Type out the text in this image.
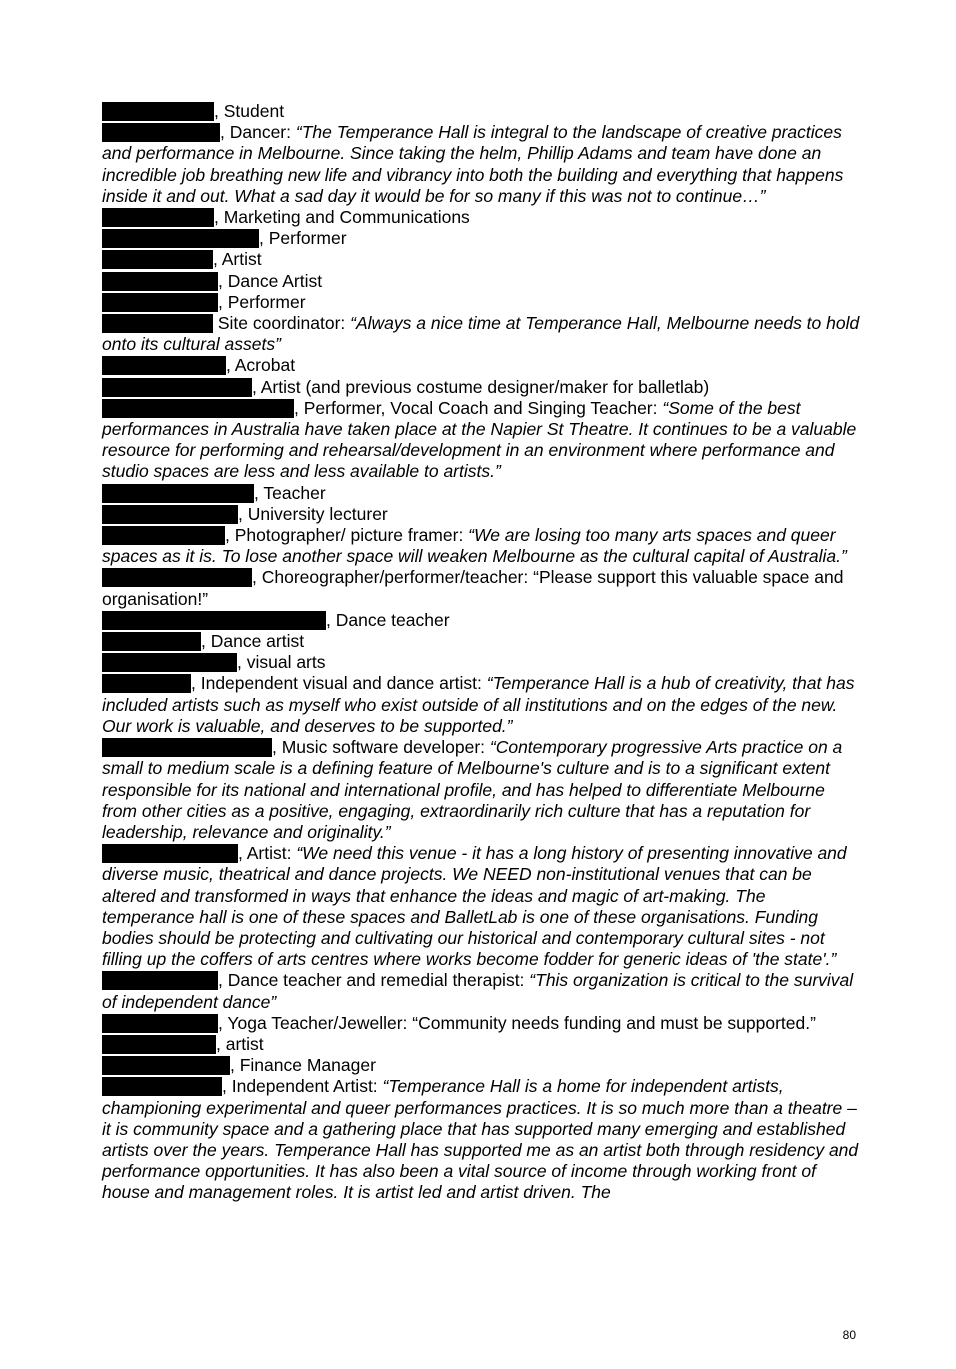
, Student

, Dancer: “The Temperance Hall is integral to the landscape of creative practices and performance in Melbourne. Since taking the helm, Phillip Adams and team have done an incredible job breathing new life and vibrancy into both the building and everything that happens inside it and out. What a sad day it would be for so many if this was not to continue…”

, Marketing and Communications

, Performer

, Artist

, Dance Artist

, Performer

Site coordinator: “Always a nice time at Temperance Hall, Melbourne needs to hold onto its cultural assets”

, Acrobat

, Artist (and previous costume designer/maker for balletlab)

, Performer, Vocal Coach and Singing Teacher: “Some of the best performances in Australia have taken place at the Napier St Theatre. It continues to be a valuable resource for performing and rehearsal/development in an environment where performance and studio spaces are less and less available to artists.”

, Teacher

, University lecturer

, Photographer/ picture framer: “We are losing too many arts spaces and queer spaces as it is. To lose another space will weaken Melbourne as the cultural capital of Australia.”

, Choreographer/performer/teacher: “Please support this valuable space and organisation!”

, Dance teacher

, Dance artist

, visual arts

, Independent visual and dance artist: “Temperance Hall is a hub of creativity, that has included artists such as myself who exist outside of all institutions and on the edges of the new. Our work is valuable, and deserves to be supported.”

, Music software developer: “Contemporary progressive Arts practice on a small to medium scale is a defining feature of Melbourne's culture and is to a significant extent responsible for its national and international profile, and has helped to differentiate Melbourne from other cities as a positive, engaging, extraordinarily rich culture that has a reputation for leadership, relevance and originality.”

, Artist: “We need this venue - it has a long history of presenting innovative and diverse music, theatrical and dance projects. We NEED non-institutional venues that can be altered and transformed in ways that enhance the ideas and magic of art-making. The temperance hall is one of these spaces and BalletLab is one of these organisations. Funding bodies should be protecting and cultivating our historical and contemporary cultural sites - not filling up the coffers of arts centres where works become fodder for generic ideas of 'the state'.”

, Dance teacher and remedial therapist: “This organization is critical to the survival of independent dance”

, Yoga Teacher/Jeweller: “Community needs funding and must be supported.”

, artist

, Finance Manager

, Independent Artist: “Temperance Hall is a home for independent artists, championing experimental and queer performances practices. It is so much more than a theatre – it is community space and a gathering place that has supported many emerging and established artists over the years. Temperance Hall has supported me as an artist both through residency and performance opportunities. It has also been a vital source of income through working front of house and management roles. It is artist led and artist driven. The

80
